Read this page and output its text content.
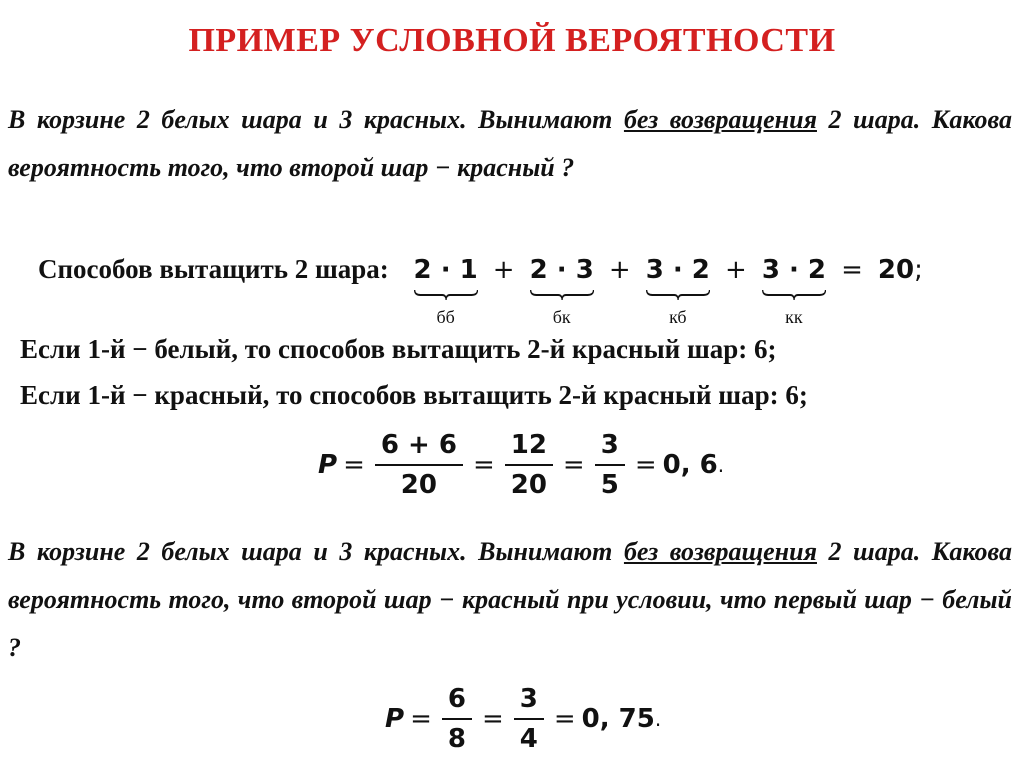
ПРИМЕР УСЛОВНОЙ ВЕРОЯТНОСТИ
В корзине 2 белых шара и 3 красных. Вынимают без возвращения 2 шара. Какова вероятность того, что второй шар − красный ?
Способов вытащить 2 шара: 2 · 1
бб
+ 2 · 3
бк
+ 3 · 2
кб
+ 3 · 2
кк
= 20;
Если 1-й − белый, то способов вытащить 2-й красный шар: 6;
Если 1-й − красный, то способов вытащить 2-й красный шар: 6;
$P = \frac{6 + 6}{20} = \frac{12}{20} = \frac{3}{5} = 0$, 6 .
В корзине 2 белых шара и 3 красных. Вынимают без возвращения 2 шара. Какова вероятность того, что второй шар − красный при условии, что первый шар − белый ?
$P = \frac{6}{8} = \frac{3}{4} = 0$, 75 .
